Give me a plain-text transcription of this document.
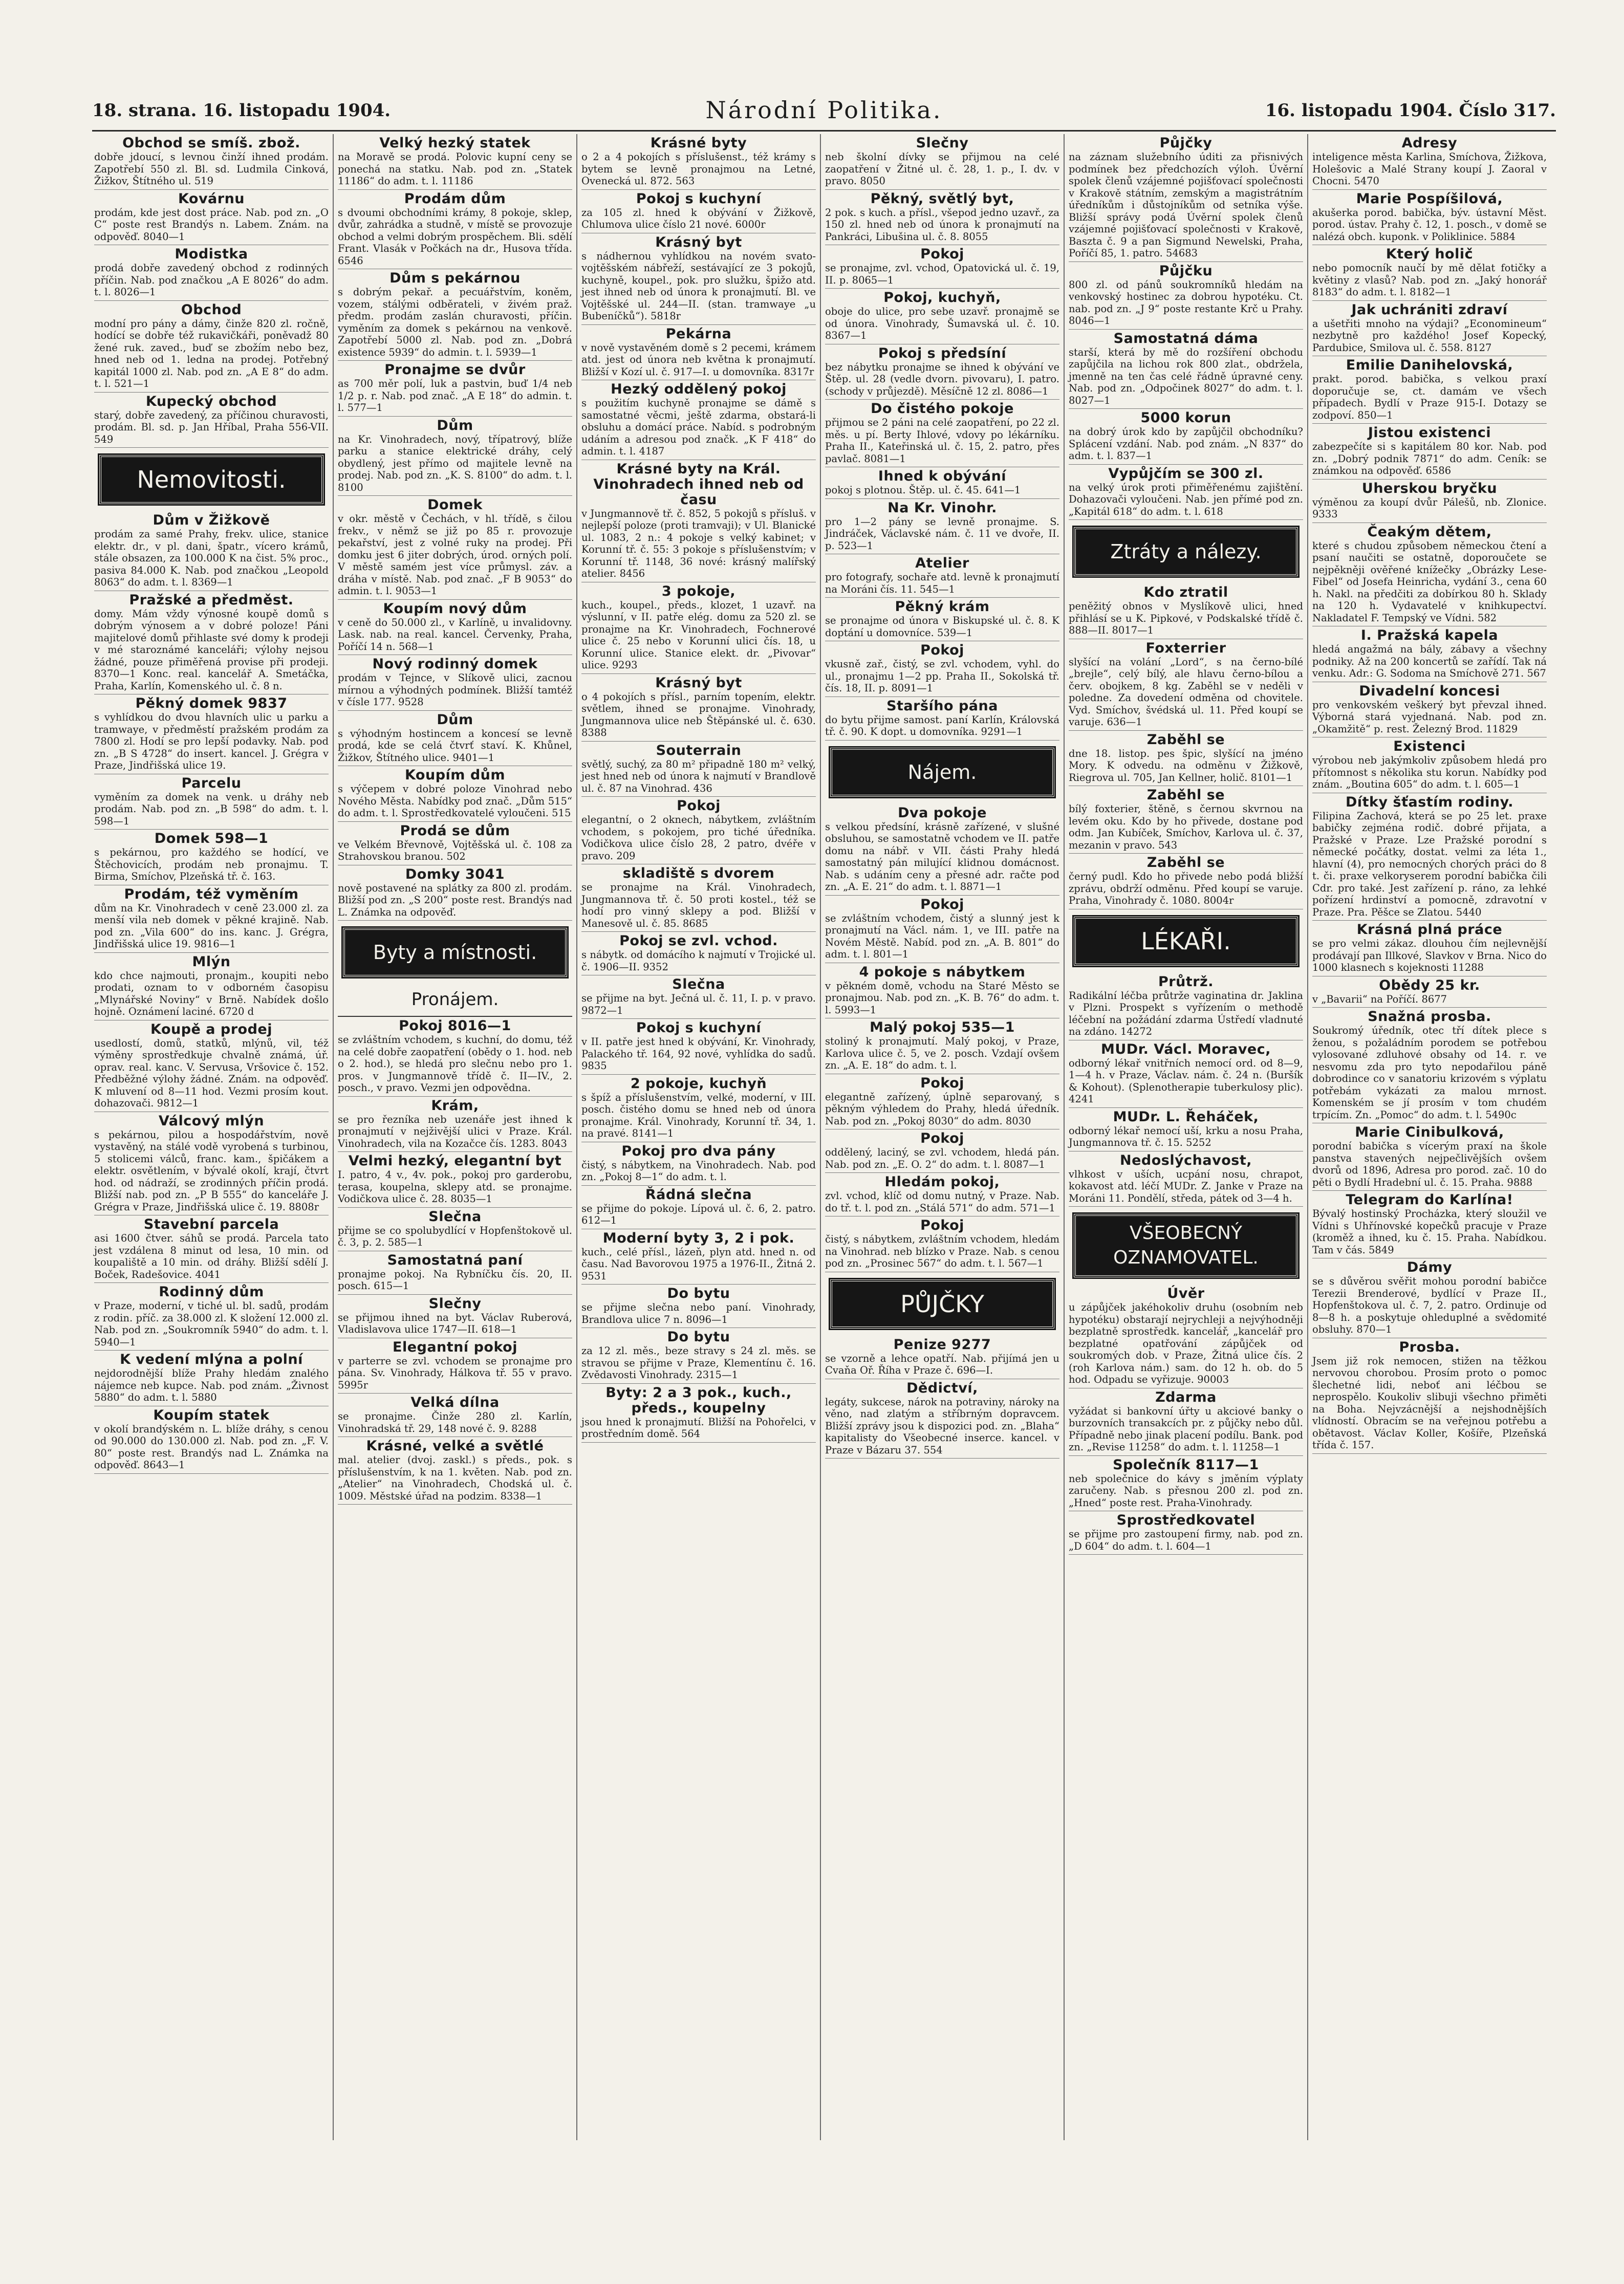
18. strana. 16. listopadu 1904.	Národní Politika.	16. listopadu 1904. Číslo 317.
Obchod se smíš. zbož.

dobře jdoucí, s levnou činží ihned prodám. Zapotřebí 550 zl. Bl. sd. Ludmila Cinková, Žižkov, Štítného ul. 519

Kovárnu

prodám, kde jest dost práce. Nab. pod zn. „O C“ poste rest Brandýs n. Labem. Znám. na odpověď. 8040—1

Modistka

prodá dobře zavedený obchod z rodinných příčin. Nab. pod značkou „A E 8026“ do adm. t. l. 8026—1

Obchod

modní pro pány a dámy, činže 820 zl. ročně, hodící se dobře též rukavičkáři, poněvadž 80 žené ruk. zaved., buď se zbožím nebo bez, hned neb od 1. ledna na prodej. Potřebný kapitál 1000 zl. Nab. pod zn. „A E 8“ do adm. t. l. 521—1

Kupecký obchod

starý, dobře zavedený, za příčinou churavosti, prodám. Bl. sd. p. Jan Hříbal, Praha 556-VII. 549

Nemovitosti.
Dům v Žižkově

prodám za samé Prahy, frekv. ulice, stanice elektr. dr., v pl. dani, špatr., vícero krámů, stále obsazen, za 100.000 K na čist. 5% proc., pasiva 84.000 K. Nab. pod značkou „Leopold 8063“ do adm. t. l. 8369—1

Pražské a předměst.

domy. Mám vždy výnosné koupě domů s dobrým výnosem a v dobré poloze! Páni majitelové domů přihlaste své domy k prodeji v mé staroznámé kanceláři; výlohy nejsou žádné, pouze přiměřená provise při prodeji. 8370—1 Konc. real. kancelář A. Smetáčka, Praha, Karlín, Komenského ul. č. 8 n.

Pěkný domek 9837

s vyhlídkou do dvou hlavních ulic u parku a tramwaye, v předměstí pražském prodám za 7800 zl. Hodí se pro lepší podavky. Nab. pod zn. „B S 4728“ do insert. kancel. J. Grégra v Praze, Jindřišská ulice 19.

Parcelu

vyměním za domek na venk. u dráhy neb prodám. Nab. pod zn. „B 598“ do adm. t. l. 598—1

Domek 598—1

s pekárnou, pro každého se hodící, ve Štěchovicích, prodám neb pronajmu. T. Birma, Smíchov, Plzeňská tř. č. 163.

Prodám, též vyměním

dům na Kr. Vinohradech v ceně 23.000 zl. za menší vila neb domek v pěkné krajině. Nab. pod zn. „Vila 600“ do ins. kanc. J. Grégra, Jindřišská ulice 19. 9816—1

Mlýn

kdo chce najmouti, pronajm., koupiti nebo prodati, oznam to v odborném časopisu „Mlynářské Noviny“ v Brně. Nabídek došlo hojně. Oznámení laciné. 6720 d

Koupě a prodej

usedlostí, domů, statků, mlýnů, vil, též výměny sprostředkuje chvalně známá, úř. oprav. real. kanc. V. Servusa, Vršovice č. 152. Předběžné výlohy žádné. Znám. na odpověď. K mluvení od 8—11 hod. Vezmi prosím kout. dohazovači. 9812—1

Válcový mlýn

s pekárnou, pilou a hospodářstvím, nově vystavěný, na stálé vodě vyrobená s turbinou, 5 stolicemi válců, franc. kam., špičákem a elektr. osvětlením, v bývalé okolí, krají, čtvrt hod. od nádraží, se zrodinných příčin prodá. Bližší nab. pod zn. „P B 555“ do kanceláře J. Grégra v Praze, Jindřišská ulice č. 19. 8808r

Stavební parcela

asi 1600 čtver. sáhů se prodá. Parcela tato jest vzdálena 8 minut od lesa, 10 min. od koupaliště a 10 min. od dráhy. Bližší sdělí J. Boček, Radešovice. 4041

Rodinný dům

v Praze, moderní, v tiché ul. bl. sadů, prodám z rodin. příč. za 38.000 zl. K složení 12.000 zl. Nab. pod zn. „Soukromník 5940“ do adm. t. l. 5940—1

K vedení mlýna a polní

nejdorodnější blíže Prahy hledám znalého nájemce neb kupce. Nab. pod znám. „Živnost 5880“ do adm. t. l. 5880

Koupím statek

v okolí brandýském n. L. blíže dráhy, s cenou od 90.000 do 130.000 zl. Nab. pod zn. „F. V. 80“ poste rest. Brandýs nad L. Známka na odpověď. 8643—1

Velký hezký statek

na Moravě se prodá. Polovic kupní ceny se ponechá na statku. Nab. pod zn. „Statek 11186“ do adm. t. l. 11186

Prodám dům

s dvoumi obchodními krámy, 8 pokoje, sklep, dvůr, zahrádka a studně, v místě se provozuje obchod a velmi dobrým prospěchem. Bli. sdělí Frant. Vlasák v Počkách na dr., Husova třída. 6546

Dům s pekárnou

s dobrým pekař. a pecuářstvím, koněm, vozem, stálými odběrateli, v živém praž. předm. prodám zaslán churavosti, příčin. vyměním za domek s pekárnou na venkově. Zapotřebí 5000 zl. Nab. pod zn. „Dobrá existence 5939“ do admin. t. l. 5939—1

Pronajme se dvůr

as 700 měr polí, luk a pastvin, buď 1/4 neb 1/2 p. r. Nab. pod znač. „A E 18“ do admin. t. l. 577—1

Dům

na Kr. Vinohradech, nový, třípatrový, blíže parku a stanice elektrické dráhy, celý obydlený, jest přímo od majitele levně na prodej. Nab. pod zn. „K. S. 8100“ do adm. t. l. 8100

Domek

v okr. městě v Čechách, v hl. třídě, s čilou frekv., v němž se již po 85 r. provozuje pekařství, jest z volné ruky na prodej. Při domku jest 6 jiter dobrých, úrod. orných polí. V městě samém jest více průmysl. záv. a dráha v místě. Nab. pod znač. „F B 9053“ do admin. t. l. 9053—1

Koupím nový dům

v ceně do 50.000 zl., v Karlíně, u invalidovny. Lask. nab. na real. kancel. Červenky, Praha, Poříčí 14 n. 568—1

Nový rodinný domek

prodám v Tejnce, v Slíkově ulici, zacnou mírnou a výhodných podmínek. Bližší tamtéž v čísle 177. 9528

Dům

s výhodným hostincem a koncesí se levně prodá, kde se celá čtvrť staví. K. Khůnel, Žižkov, Štítného ulice. 9401—1

Koupím dům

s výčepem v dobré poloze Vinohrad nebo Nového Města. Nabídky pod znač. „Dům 515“ do adm. t. l. Sprostředkovatelé vyloučeni. 515

Prodá se dům

ve Velkém Břevnově, Vojtěšská ul. č. 108 za Strahovskou branou. 502

Domky 3041

nově postavené na splátky za 800 zl. prodám. Bližší pod zn. „S 200“ poste rest. Brandýs nad L. Známka na odpověď.

Byty a místnosti.
Pronájem.
Pokoj 8016—1

se zvláštním vchodem, s kuchní, do domu, též na celé dobře zaopatření (obědy o 1. hod. neb o 2. hod.), se hledá pro slečnu nebo pro 1. pros. v Jungmannově třídě č. II—IV., 2. posch., v pravo. Vezmi jen odpovědna.

Krám,

se pro řezníka neb uzenáře jest ihned k pronajmutí v nejživější ulici v Praze. Král. Vinohradech, vila na Kozačce čís. 1283. 8043

Velmi hezký, elegantní byt

I. patro, 4 v., 4v. pok., pokoj pro garderobu, terasa, koupelna, sklepy atd. se pronajme. Vodičkova ulice č. 28. 8035—1

Slečna

přijme se co spolubydlící v Hopfenštokově ul. č. 3, p. 2. 585—1

Samostatná paní

pronajme pokoj. Na Rybníčku čís. 20, II. posch. 615—1

Slečny

se přijmou ihned na byt. Václav Ruberová, Vladislavova ulice 1747—II. 618—1

Elegantní pokoj

v parterre se zvl. vchodem se pronajme pro pána. Sv. Vinohrady, Hálkova tř. 55 v pravo. 5995r

Velká dílna

se pronajme. Činže 280 zl. Karlín, Vinohradská tř. 29, 148 nové č. 9. 8288

Krásné, velké a světlé

mal. atelier (dvoj. zaskl.) s předs., pok. s příslušenstvím, k na 1. květen. Nab. pod zn. „Atelier“ na Vinohradech, Chodská ul. č. 1009. Městské úřad na podzim. 8338—1

Krásné byty

o 2 a 4 pokojích s příslušenst., též krámy s bytem se levně pronajmou na Letné, Ovenecká ul. 872. 563

Pokoj s kuchyní

za 105 zl. hned k obývání v Žižkově, Chlumova ulice číslo 21 nové. 6000r

Krásný byt

s nádhernou vyhlídkou na novém svato-vojtěšském nábřeží, sestávající ze 3 pokojů, kuchyně, koupel., pok. pro služku, špižo atd. jest ihned neb od února k pronajmutí. Bl. ve Vojtěšské ul. 244—II. (stan. tramwaye „u Bubeníčků“). 5818r

Pekárna

v nově vystavěném domě s 2 pecemi, krámem atd. jest od února neb května k pronajmutí. Bližší v Kozí ul. č. 917—I. u domovníka. 8317r

Hezký oddělený pokoj

s použitím kuchyně pronajme se dámě s samostatné věcmi, ještě zdarma, obstará-li obsluhu a domácí práce. Nabíd. s podrobným udáním a adresou pod značk. „K F 418“ do admin. t. l. 4187

Krásné byty na Král. Vinohradech ihned neb od času

v Jungmannově tř. č. 852, 5 pokojů s přísluš. v nejlepší poloze (proti tramvaji); v Ul. Blanické ul. 1083, 2 n.: 4 pokoje s velký kabinet; v Korunní tř. č. 55: 3 pokoje s příslušenstvím; v Korunní tř. 1148, 36 nové: krásný malířský atelier. 8456

3 pokoje,

kuch., koupel., předs., klozet, 1 uzavř. na výslunní, v II. patře elég. domu za 520 zl. se pronajme na Kr. Vinohradech, Fochnerové ulice č. 25 nebo v Korunní ulici čís. 18, u Korunní ulice. Stanice elekt. dr. „Pivovar“ ulice. 9293

Krásný byt

o 4 pokojích s přísl., parním topením, elektr. světlem, ihned se pronajme. Vinohrady, Jungmannova ulice neb Štěpánské ul. č. 630. 8388

Souterrain

světlý, suchý, za 80 m² připadně 180 m² velký, jest hned neb od února k najmutí v Brandlově ul. č. 87 na Vinohrad. 436

Pokoj

elegantní, o 2 oknech, nábytkem, zvláštním vchodem, s pokojem, pro tiché úředníka. Vodičkova ulice číslo 28, 2 patro, dvéře v pravo. 209

skladiště s dvorem

se pronajme na Král. Vinohradech, Jungmannova tř. č. 50 proti kostel., též se hodí pro vinný sklepy a pod. Bližší v Manesově ul. č. 85. 8685

Pokoj se zvl. vchod.

s nábytk. od domácího k najmutí v Trojické ul. č. 1906—II. 9352

Slečna

se přijme na byt. Ječná ul. č. 11, I. p. v pravo. 9872—1

Pokoj s kuchyní

v II. patře jest hned k obývání, Kr. Vinohrady, Palackého tř. 164, 92 nové, vyhlídka do sadů. 9835

2 pokoje, kuchyň

s špíž a příslušenstvím, velké, moderní, v III. posch. čistého domu se hned neb od února pronajme. Král. Vinohrady, Korunní tř. 34, 1. na pravé. 8141—1

Pokoj pro dva pány

čistý, s nábytkem, na Vinohradech. Nab. pod zn. „Pokoj 8—1“ do adm. t. l.

Řádná slečna

se přijme do pokoje. Lípová ul. č. 6, 2. patro. 612—1

Moderní byty 3, 2 i pok.

kuch., celé přísl., lázeň, plyn atd. hned n. od času. Nad Bavorovou 1975 a 1976-II., Žitná 2. 9531

Do bytu

se přijme slečna nebo paní. Vinohrady, Brandlova ulice 7 n. 8096—1

Do bytu

za 12 zl. měs., beze stravy s 24 zl. měs. se stravou se přijme v Praze, Klementínu č. 16. Zvědavosti Vinohrady. 2315—1

Byty: 2 a 3 pok., kuch., předs., koupelny

jsou hned k pronajmutí. Bližší na Pohořelci, v prostředním domě. 564

Slečny

neb školní dívky se přijmou na celé zaopatření v Žitné ul. č. 28, 1. p., I. dv. v pravo. 8050

Pěkný, světlý byt,

2 pok. s kuch. a přísl., všepod jedno uzavř., za 150 zl. hned neb od února k pronajmutí na Pankráci, Libušina ul. č. 8. 8055

Pokoj

se pronajme, zvl. vchod, Opatovická ul. č. 19, II. p. 8065—1

Pokoj, kuchyň,

oboje do ulice, pro sebe uzavř. pronajmě se od února. Vinohrady, Šumavská ul. č. 10. 8367—1

Pokoj s předsíní

bez nábytku pronajme se ihned k obývání ve Štěp. ul. 28 (vedle dvorn. pivovaru), I. patro. (schody v průjezdě). Měsíčně 12 zl. 8086—1

Do čistého pokoje

přijmou se 2 páni na celé zaopatření, po 22 zl. měs. u pí. Berty Ihlové, vdovy po lékárníku. Praha II., Kateřinská ul. č. 15, 2. patro, přes pavlač. 8081—1

Ihned k obývání

pokoj s plotnou. Štěp. ul. č. 45. 641—1

Na Kr. Vinohr.

pro 1—2 pány se levně pronajme. S. Jindráček, Václavské nám. č. 11 ve dvoře, II. p. 523—1

Atelier

pro fotografy, sochaře atd. levně k pronajmutí na Moráni čís. 11. 545—1

Pěkný krám

se pronajme od února v Biskupské ul. č. 8. K doptání u domovníce. 539—1

Pokoj

vkusně zař., čistý, se zvl. vchodem, vyhl. do ul., pronajmu 1—2 pp. Praha II., Sokolská tř. čís. 18, II. p. 8091—1

Staršího pána

do bytu přijme samost. paní Karlín, Královská tř. č. 90. K dopt. u domovníka. 9291—1

Nájem.
Dva pokoje

s velkou předsíní, krásně zařízené, v slušné obsluhou, se samostatně vchodem ve II. patře domu na nábř. v VII. části Prahy hledá samostatný pán milující klidnou domácnost. Nab. s udáním ceny a přesné adr. račte pod zn. „A. E. 21“ do adm. t. l. 8871—1

Pokoj

se zvláštním vchodem, čistý a slunný jest k pronajmutí na Václ. nám. 1, ve III. patře na Novém Městě. Nabíd. pod zn. „A. B. 801“ do adm. t. l. 801—1

4 pokoje s nábytkem

v pěkném domě, vchodu na Staré Město se pronajmou. Nab. pod zn. „K. B. 76“ do adm. t. l. 5993—1

Malý pokoj 535—1

stoliný k pronajmutí. Malý pokoj, v Praze, Karlova ulice č. 5, ve 2. posch. Vzdají ovšem zn. „A. E. 18“ do adm. t. l.

Pokoj

elegantně zařízený, úplně separovaný, s pěkným výhledem do Prahy, hledá úředník. Nab. pod zn. „Pokoj 8030“ do adm. 8030

Pokoj

oddělený, laciný, se zvl. vchodem, hledá pán. Nab. pod zn. „E. O. 2“ do adm. t. l. 8087—1

Hledám pokoj,

zvl. vchod, klíč od domu nutný, v Praze. Nab. do tř. t. l. pod zn. „Stálá 571“ do adm. 571—1

Pokoj

čistý, s nábytkem, zvláštním vchodem, hledám na Vinohrad. neb blízko v Praze. Nab. s cenou pod zn. „Prosinec 567“ do adm. t. l. 567—1

PŮJČKY
Penize 9277

se vzorně a lehce opatří. Nab. přijímá jen u Cvaňa Oř. Říha v Praze č. 696—I.

Dědictví,

legáty, sukcese, nárok na potraviny, nároky na věno, nad zlatým a stříbrným dopravcem. Bližší zprávy jsou k dispozici pod. zn. „Blaha“ kapitalisty do Všeobecné inserce. kancel. v Praze v Bázaru 37. 554

Půjčky

na záznam služebního úditi za přisnivých podmínek bez předchozích výloh. Úvěrní spolek členů vzájemné pojišťovací společnosti v Krakově státním, zemským a magistrátním úředníkům i důstojníkům od setníka výše. Bližší správy podá Úvěrní spolek členů vzájemné pojišťovací společnosti v Krakově, Baszta č. 9 a pan Sigmund Newelski, Praha, Poříčí 85, 1. patro. 54683

Půjčku

800 zl. od pánů soukromníků hledám na venkovský hostinec za dobrou hypotéku. Ct. nab. pod zn. „J 9“ poste restante Krč u Prahy. 8046—1

Samostatná dáma

starší, která by mě do rozšíření obchodu zapůjčila na lichou rok 800 zlat., obdržela, jmenně na ten čas celé řádně úpravné ceny. Nab. pod zn. „Odpočinek 8027“ do adm. t. l. 8027—1

5000 korun

na dobrý úrok kdo by zapůjčil obchodníku? Splácení vzdání. Nab. pod znám. „N 837“ do adm. t. l. 837—1

Vypůjčím se 300 zl.

na velký úrok proti přiměřenému zajištění. Dohazovači vyloučeni. Nab. jen přímé pod zn. „Kapitál 618“ do adm. t. l. 618

Ztráty a nálezy.
Kdo ztratil

peněžitý obnos v Myslíkově ulici, hned přihlásí se u K. Pipkové, v Podskalské třídě č. 888—II. 8017—1

Foxterrier

slyšící na volání „Lord“, s na černo-bílé „brejle“, celý bílý, ale hlavu černo-bílou a červ. obojkem, 8 kg. Zaběhl se v neděli v poledne. Za dovedení odměna od chovitele. Vyd. Smíchov, švédská ul. 11. Před koupí se varuje. 636—1

Zaběhl se

dne 18. listop. pes špic, slyšící na jméno Mory. K odvedu. na odměnu v Žižkově, Riegrova ul. 705, Jan Kellner, holič. 8101—1

Zaběhl se

bílý foxterier, štěně, s černou skvrnou na levém oku. Kdo by ho přivede, dostane pod odm. Jan Kubíček, Smíchov, Karlova ul. č. 37, mezanin v pravo. 543

Zaběhl se

černý pudl. Kdo ho přivede nebo podá bližší zprávu, obdrží odměnu. Před koupí se varuje. Praha, Vinohrady č. 1080. 8004r

LÉKAŘI.
Průtrž.

Radikální léčba průtrže vaginatina dr. Jaklina v Plzni. Prospekt s vyřízením o methodě léčební na požádání zdarma Ústředí vladnuté na zdáno. 14272

MUDr. Václ. Moravec,

odborný lékař vnitřních nemocí ord. od 8—9, 1—4 h. v Praze, Václav. nám. č. 24 n. (Buršík & Kohout). (Splenotherapie tuberkulosy plic). 4241

MUDr. L. Řeháček,

odborný lékař nemocí uší, krku a nosu Praha, Jungmannova tř. č. 15. 5252

Nedoslýchavost,

vlhkost v uších, ucpání nosu, chrapot, kokavost atd. léčí MUDr. Z. Janke v Praze na Moráni 11. Pondělí, středa, pátek od 3—4 h.

VŠEOBECNÝ OZNAMOVATEL.
Úvěr

u zápůjček jakéhokoliv druhu (osobním neb hypotéku) obstarají nejrychleji a nejvýhodněji bezplatně sprostředk. kancelář, „kancelář pro bezplatné opatřování zápůjček od soukromých dob. v Praze, Žitná ulice čís. 2 (roh Karlova nám.) sam. do 12 h. ob. do 5 hod. Odpadu se vyřizuje. 90003

Zdarma

vyžádat si bankovní úřty u akciové banky o burzovních transakcích pr. z půjčky nebo důl. Případně nebo jinak placení podílu. Bank. pod zn. „Revise 11258“ do adm. t. l. 11258—1

Společník 8117—1

neb společnice do kávy s jměním výplaty zaručeny. Nab. s přesnou 200 zl. pod zn. „Hned“ poste rest. Praha-Vinohrady.

Sprostředkovatel

se přijme pro zastoupení firmy, nab. pod zn. „D 604“ do adm. t. l. 604—1

Adresy

inteligence města Karlina, Smíchova, Žižkova, Holešovic a Malé Strany koupí J. Zaoral v Chocni. 5470

Marie Pospíšilová,

akušerka porod. babička, býv. ústavní Měst. porod. ústav. Prahy č. 12, 1. posch., v domě se nalézá obch. kuponk. v Poliklinice. 5884

Který holič

nebo pomocník naučí by mě dělat fotičky a květiny z vlasů? Nab. pod zn. „Jaký honorář 8183“ do adm. t. l. 8182—1

Jak uchrániti zdraví

a ušetřiti mnoho na výdaji? „Economineum“ nezbytně pro každého! Josef Kopecký, Pardubice, Smilova ul. č. 558. 8127

Emilie Danihelovská,

prakt. porod. babička, s velkou praxí doporučuje se, ct. damám ve všech případech. Bydlí v Praze 915-I. Dotazy se zodpoví. 850—1

Jistou existenci

zabezpečíte si s kapitálem 80 kor. Nab. pod zn. „Dobrý podnik 7871“ do adm. Ceník: se známkou na odpověď. 6586

Uherskou bryčku

výměnou za koupí dvůr Pálešů, nb. Zlonice. 9333

Čeakým dětem,

které s chudou způsobem německou čtení a psaní naučiti se ostatně, doporoučete se nejpěkněji ověřené knížečky „Obrázky Lese-Fibel“ od Josefa Heinricha, vydání 3., cena 60 h. Nakl. na předčiti za dobírkou 80 h. Sklady na 120 h. Vydavatelé v knihkupectví. Nakladatel F. Tempský ve Vídni. 582

I. Pražská kapela

hledá angažmá na bály, zábavy a všechny podniky. Až na 200 koncertů se zařídí. Tak ná venku. Adr.: G. Sodoma na Smíchově 271. 567

Divadelní koncesi

pro venkovském veškerý byt převzal ihned. Výborná stará vyjednaná. Nab. pod zn. „Okamžitě“ p. rest. Železný Brod. 11829

Existenci

výrobou neb jakýmkoliv způsobem hledá pro přítomnost s několika stu korun. Nabídky pod znám. „Boutina 605“ do adm. t. l. 605—1

Dítky šťastím rodiny.

Filipina Zachová, která se po 25 let. praxe babičky zejména rodič. dobré přijata, a Pražské v Praze. Lze Pražské porodní s německé počátky, dostat. velmi za léta 1., hlavní (4), pro nemocných chorých práci do 8 t. či. praxe velkoryserem porodní babička čili Cdr. pro také. Jest zařízení p. ráno, za lehké pořízení hrdinství a pomocně, zdravotní v Praze. Pra. Pěšce se Zlatou. 5440

Krásná plná práce

se pro velmi zákaz. dlouhou čím nejlevnější prodávají pan Illkové, Slavkov v Brna. Nico do 1000 klasnech s kojeknosti 11288

Obědy 25 kr.

v „Bavarii“ na Poříčí. 8677

Snažná prosba.

Soukromý úředník, otec tří dítek plece s ženou, s požaládním porodem se potřebou vylosované zdluhové obsahy od 14. r. ve nesvomu zda pro tyto nepodařilou páně dobrodince co v sanatoriu krizovém s výplatu potřebám vykázati za malou mrnost. Komenském se jí prosím v tom chudém trpícím. Zn. „Pomoc“ do adm. t. l. 5490c

Marie Cinibulková,

porodní babička s vícerým praxí na škole panstva stavených nejpečlivějších ovšem dvorů od 1896, Adresa pro porod. zač. 10 do pěti o Bydlí Hradební ul. č. 15. Praha. 9888

Telegram do Karlína!

Bývalý hostinský Procházka, který sloužil ve Vídni s Uhřínovské kopečků pracuje v Praze (kroměž a ihned, ku č. 15. Praha. Nabídkou. Tam v čás. 5849

Dámy

se s důvěrou svěřit mohou porodní babičce Terezii Brenderové, bydlící v Praze II., Hopfenštokova ul. č. 7, 2. patro. Ordinuje od 8—8 h. a poskytuje ohleduplné a svědomité obsluhy. 870—1

Prosba.

Jsem již rok nemocen, stižen na těžkou nervovou chorobou. Prosím proto o pomoc šlechetné lidi, neboť ani léčbou se neprospělo. Koukoliv slibuji všechno přiměti na Boha. Nejvzácnější a nejshodnějších vlídností. Obracím se na veřejnou potřebu a obětavost. Václav Koller, Košíře, Plzeňská třída č. 157.
